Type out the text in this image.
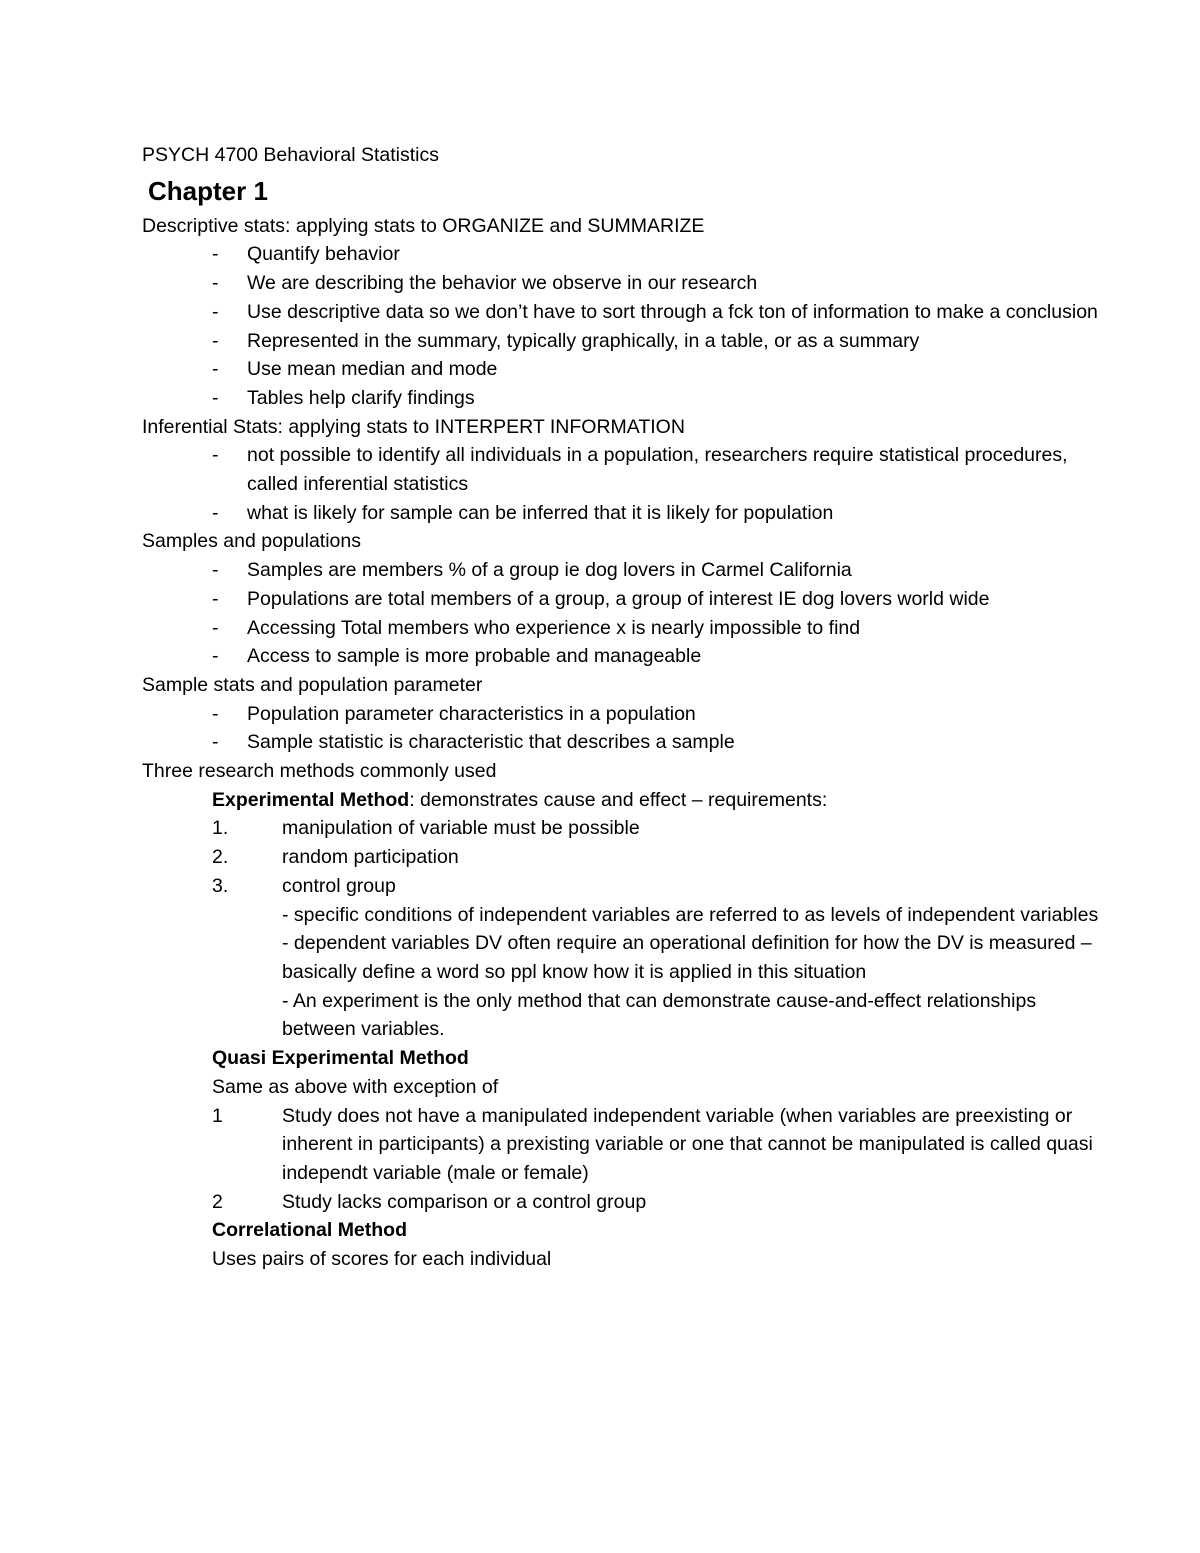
PSYCH 4700 Behavioral Statistics

Chapter 1

Descriptive stats: applying stats to ORGANIZE and SUMMARIZE

- Quantify behavior
- We are describing the behavior we observe in our research
- Use descriptive data so we don’t have to sort through a fck ton of information to make a conclusion
- Represented in the summary, typically graphically, in a table, or as a summary
- Use mean median and mode
- Tables help clarify findings

Inferential Stats: applying stats to INTERPERT INFORMATION

- not possible to identify all individuals in a population, researchers require statistical procedures, called inferential statistics
- what is likely for sample can be inferred that it is likely for population

Samples and populations

- Samples are members % of a group ie dog lovers in Carmel California
- Populations are total members of a group, a group of interest IE dog lovers world wide
- Accessing Total members who experience x is nearly impossible to find
- Access to sample is more probable and manageable

Sample stats and population parameter

- Population parameter characteristics in a population
- Sample statistic is characteristic that describes a sample

Three research methods commonly used

Experimental Method: demonstrates cause and effect – requirements:

1.	manipulation of variable must be possible
2.	random participation
3.	control group

- specific conditions of independent variables are referred to as levels of independent variables

- dependent variables DV often require an operational definition for how the DV is measured – basically define a word so ppl know how it is applied in this situation

- An experiment is the only method that can demonstrate cause-and-effect relationships between variables.

Quasi Experimental Method

Same as above with exception of

1	Study does not have a manipulated independent variable (when variables are preexisting or inherent in participants) a prexisting variable or one that cannot be manipulated is called quasi independt variable (male or female)
2	Study lacks comparison or a control group

Correlational Method

Uses pairs of scores for each individual
